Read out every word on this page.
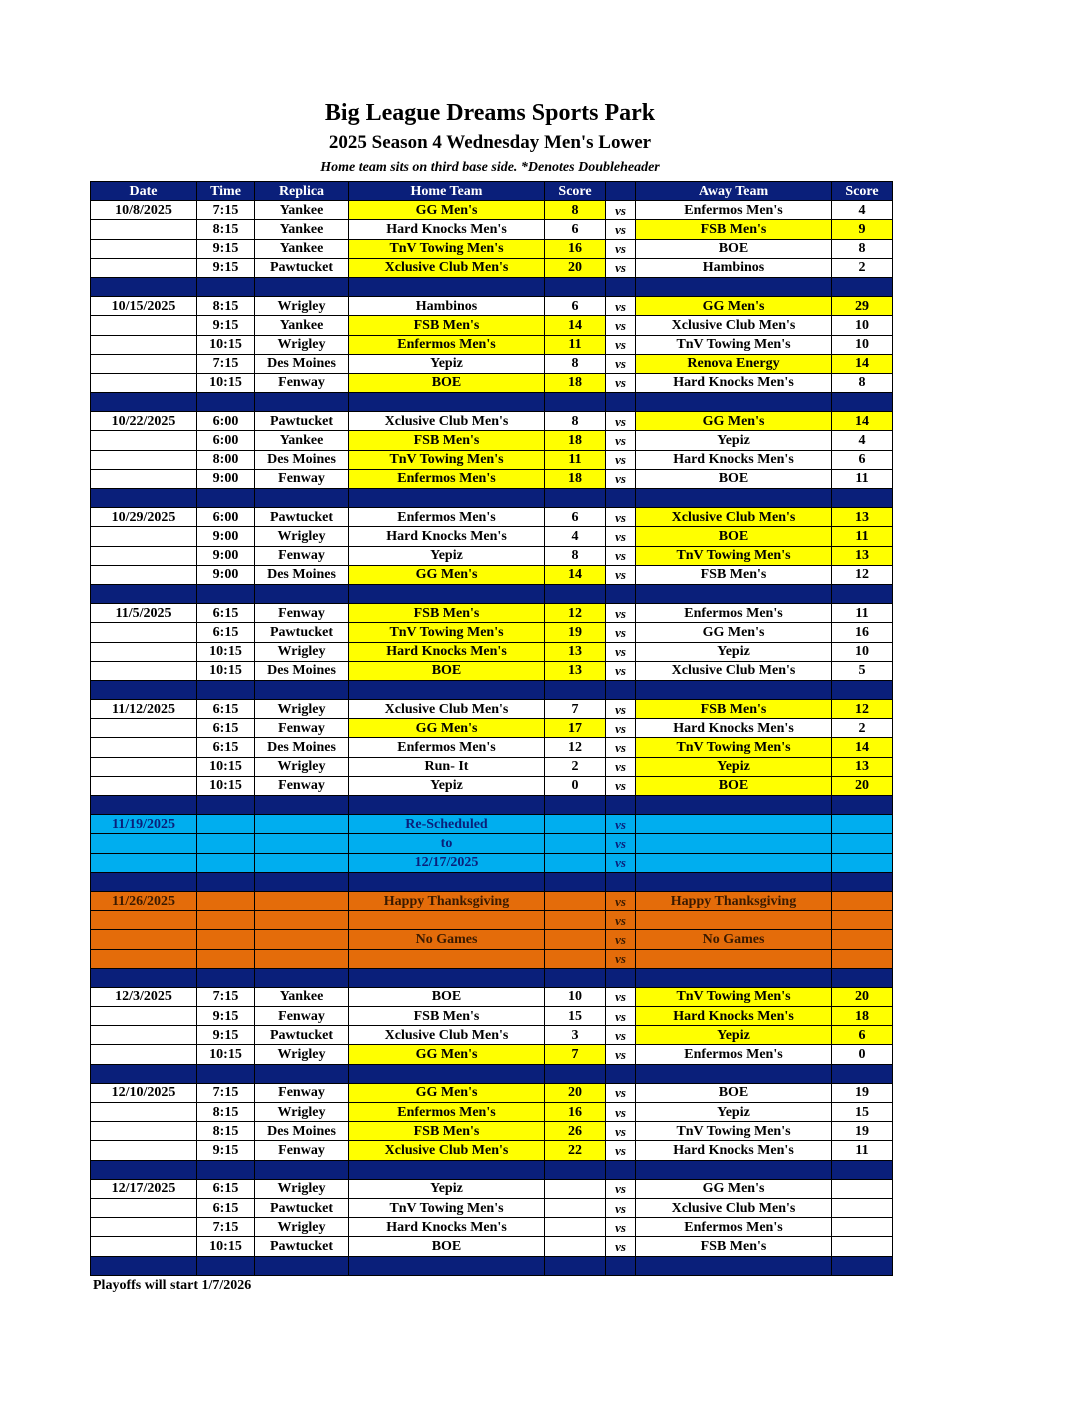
Big League Dreams Sports Park
2025 Season 4 Wednesday Men's Lower
Home team sits on third base side. *Denotes Doubleheader
Date	Time	Replica	Home Team	Score		Away Team	Score
10/8/2025	7:15	Yankee	GG Men's	8	vs	Enfermos Men's	4
	8:15	Yankee	Hard Knocks Men's	6	vs	FSB Men's	9
	9:15	Yankee	TnV Towing Men's	16	vs	BOE	8
	9:15	Pawtucket	Xclusive Club Men's	20	vs	Hambinos	2

10/15/2025	8:15	Wrigley	Hambinos	6	vs	GG Men's	29
	9:15	Yankee	FSB Men's	14	vs	Xclusive Club Men's	10
	10:15	Wrigley	Enfermos Men's	11	vs	TnV Towing Men's	10
	7:15	Des Moines	Yepiz	8	vs	Renova Energy	14
	10:15	Fenway	BOE	18	vs	Hard Knocks Men's	8

10/22/2025	6:00	Pawtucket	Xclusive Club Men's	8	vs	GG Men's	14
	6:00	Yankee	FSB Men's	18	vs	Yepiz	4
	8:00	Des Moines	TnV Towing Men's	11	vs	Hard Knocks Men's	6
	9:00	Fenway	Enfermos Men's	18	vs	BOE	11

10/29/2025	6:00	Pawtucket	Enfermos Men's	6	vs	Xclusive Club Men's	13
	9:00	Wrigley	Hard Knocks Men's	4	vs	BOE	11
	9:00	Fenway	Yepiz	8	vs	TnV Towing Men's	13
	9:00	Des Moines	GG Men's	14	vs	FSB Men's	12

11/5/2025	6:15	Fenway	FSB Men's	12	vs	Enfermos Men's	11
	6:15	Pawtucket	TnV Towing Men's	19	vs	GG Men's	16
	10:15	Wrigley	Hard Knocks Men's	13	vs	Yepiz	10
	10:15	Des Moines	BOE	13	vs	Xclusive Club Men's	5

11/12/2025	6:15	Wrigley	Xclusive Club Men's	7	vs	FSB Men's	12
	6:15	Fenway	GG Men's	17	vs	Hard Knocks Men's	2
	6:15	Des Moines	Enfermos Men's	12	vs	TnV Towing Men's	14
	10:15	Wrigley	Run- It	2	vs	Yepiz	13
	10:15	Fenway	Yepiz	0	vs	BOE	20

11/19/2025			Re-Scheduled		vs		
			to		vs		
			12/17/2025		vs		

11/26/2025			Happy Thanksgiving		vs	Happy Thanksgiving	
					vs		
			No Games		vs	No Games	
					vs		

12/3/2025	7:15	Yankee	BOE	10	vs	TnV Towing Men's	20
	9:15	Fenway	FSB Men's	15	vs	Hard Knocks Men's	18
	9:15	Pawtucket	Xclusive Club Men's	3	vs	Yepiz	6
	10:15	Wrigley	GG Men's	7	vs	Enfermos Men's	0

12/10/2025	7:15	Fenway	GG Men's	20	vs	BOE	19
	8:15	Wrigley	Enfermos Men's	16	vs	Yepiz	15
	8:15	Des Moines	FSB Men's	26	vs	TnV Towing Men's	19
	9:15	Fenway	Xclusive Club Men's	22	vs	Hard Knocks Men's	11

12/17/2025	6:15	Wrigley	Yepiz		vs	GG Men's	
	6:15	Pawtucket	TnV Towing Men's		vs	Xclusive Club Men's	
	7:15	Wrigley	Hard Knocks Men's		vs	Enfermos Men's	
	10:15	Pawtucket	BOE		vs	FSB Men's	

Playoffs will start 1/7/2026
